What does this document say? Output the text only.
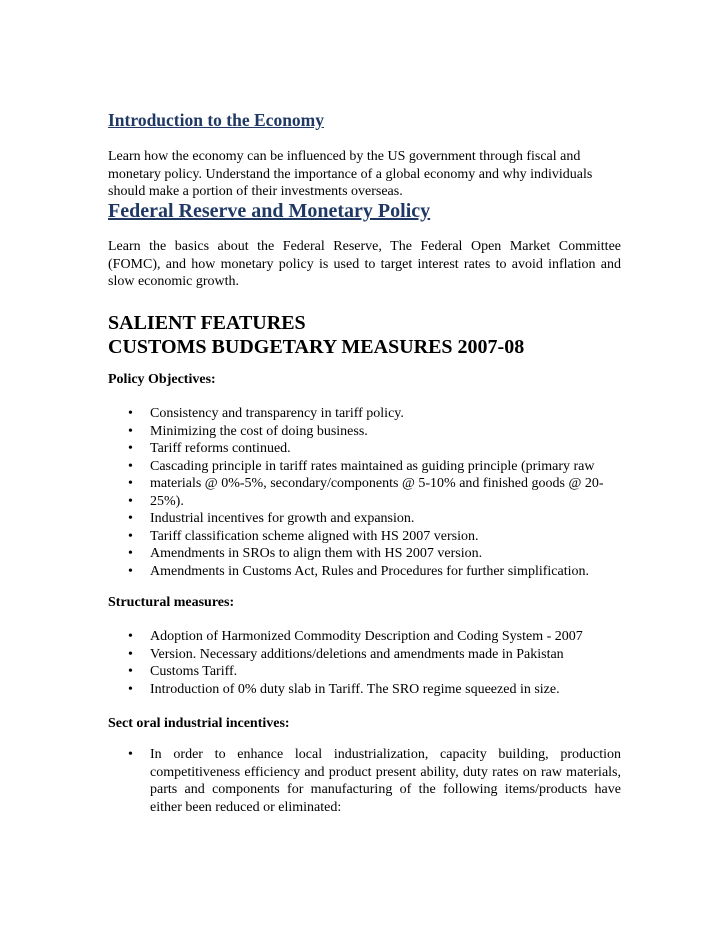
Introduction to the Economy

Learn how the economy can be influenced by the US government through fiscal and monetary policy. Understand the importance of a global economy and why individuals should make a portion of their investments overseas.

Federal Reserve and Monetary Policy

Learn the basics about the Federal Reserve, The Federal Open Market Committee (FOMC), and how monetary policy is used to target interest rates to avoid inflation and slow economic growth.

SALIENT FEATURES
CUSTOMS BUDGETARY MEASURES 2007-08
Policy Objectives:
• Consistency and transparency in tariff policy.
• Minimizing the cost of doing business.
• Tariff reforms continued.
• Cascading principle in tariff rates maintained as guiding principle (primary raw
• materials @ 0%-5%, secondary/components @ 5-10% and finished goods @ 20-
• 25%).
• Industrial incentives for growth and expansion.
• Tariff classification scheme aligned with HS 2007 version.
• Amendments in SROs to align them with HS 2007 version.
• Amendments in Customs Act, Rules and Procedures for further simplification.
Structural measures:
• Adoption of Harmonized Commodity Description and Coding System - 2007
• Version. Necessary additions/deletions and amendments made in Pakistan
• Customs Tariff.
• Introduction of 0% duty slab in Tariff. The SRO regime squeezed in size.
Sect oral industrial incentives:
• In order to enhance local industrialization, capacity building, production competitiveness efficiency and product present ability, duty rates on raw materials, parts and components for manufacturing of the following items/products have either been reduced or eliminated:
